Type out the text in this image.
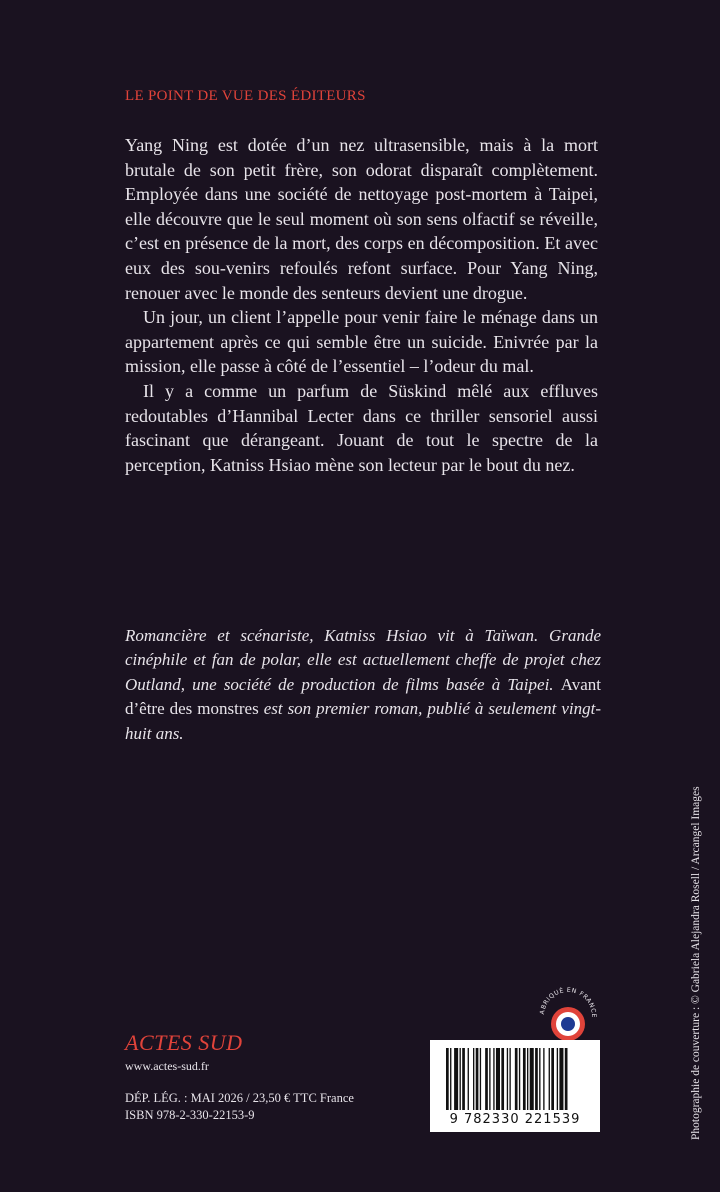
LE POINT DE VUE DES ÉDITEURS

Yang Ning est dotée d’un nez ultrasensible, mais à la mort brutale de son petit frère, son odorat disparaît complètement. Employée dans une société de nettoyage post-mortem à Taipei, elle découvre que le seul moment où son sens olfactif se réveille, c’est en présence de la mort, des corps en décomposition. Et avec eux des sou-venirs refoulés refont surface. Pour Yang Ning, renouer avec le monde des senteurs devient une drogue.

Un jour, un client l’appelle pour venir faire le ménage dans un appartement après ce qui semble être un suicide. Enivrée par la mission, elle passe à côté de l’essentiel – l’odeur du mal.

Il y a comme un parfum de Süskind mêlé aux effluves redoutables d’Hannibal Lecter dans ce thriller sensoriel aussi fascinant que dérangeant. Jouant de tout le spectre de la perception, Katniss Hsiao mène son lecteur par le bout du nez.

Romancière et scénariste, Katniss Hsiao vit à Taïwan. Grande cinéphile et fan de polar, elle est actuellement cheffe de projet chez Outland, une société de production de films basée à Taipei. Avant d’être des monstres est son premier roman, publié à seulement vingt-huit ans.
ABRIQUÉ EN FRANCE
ACTES SUD
www.actes-sud.fr
DÉP. LÉG. : MAI 2026 / 23,50 € TTC France
ISBN 978-2-330-22153-9	9 782330 221539	Photographie de couverture : © Gabriela Alejandra Rosell / Arcangel Images
